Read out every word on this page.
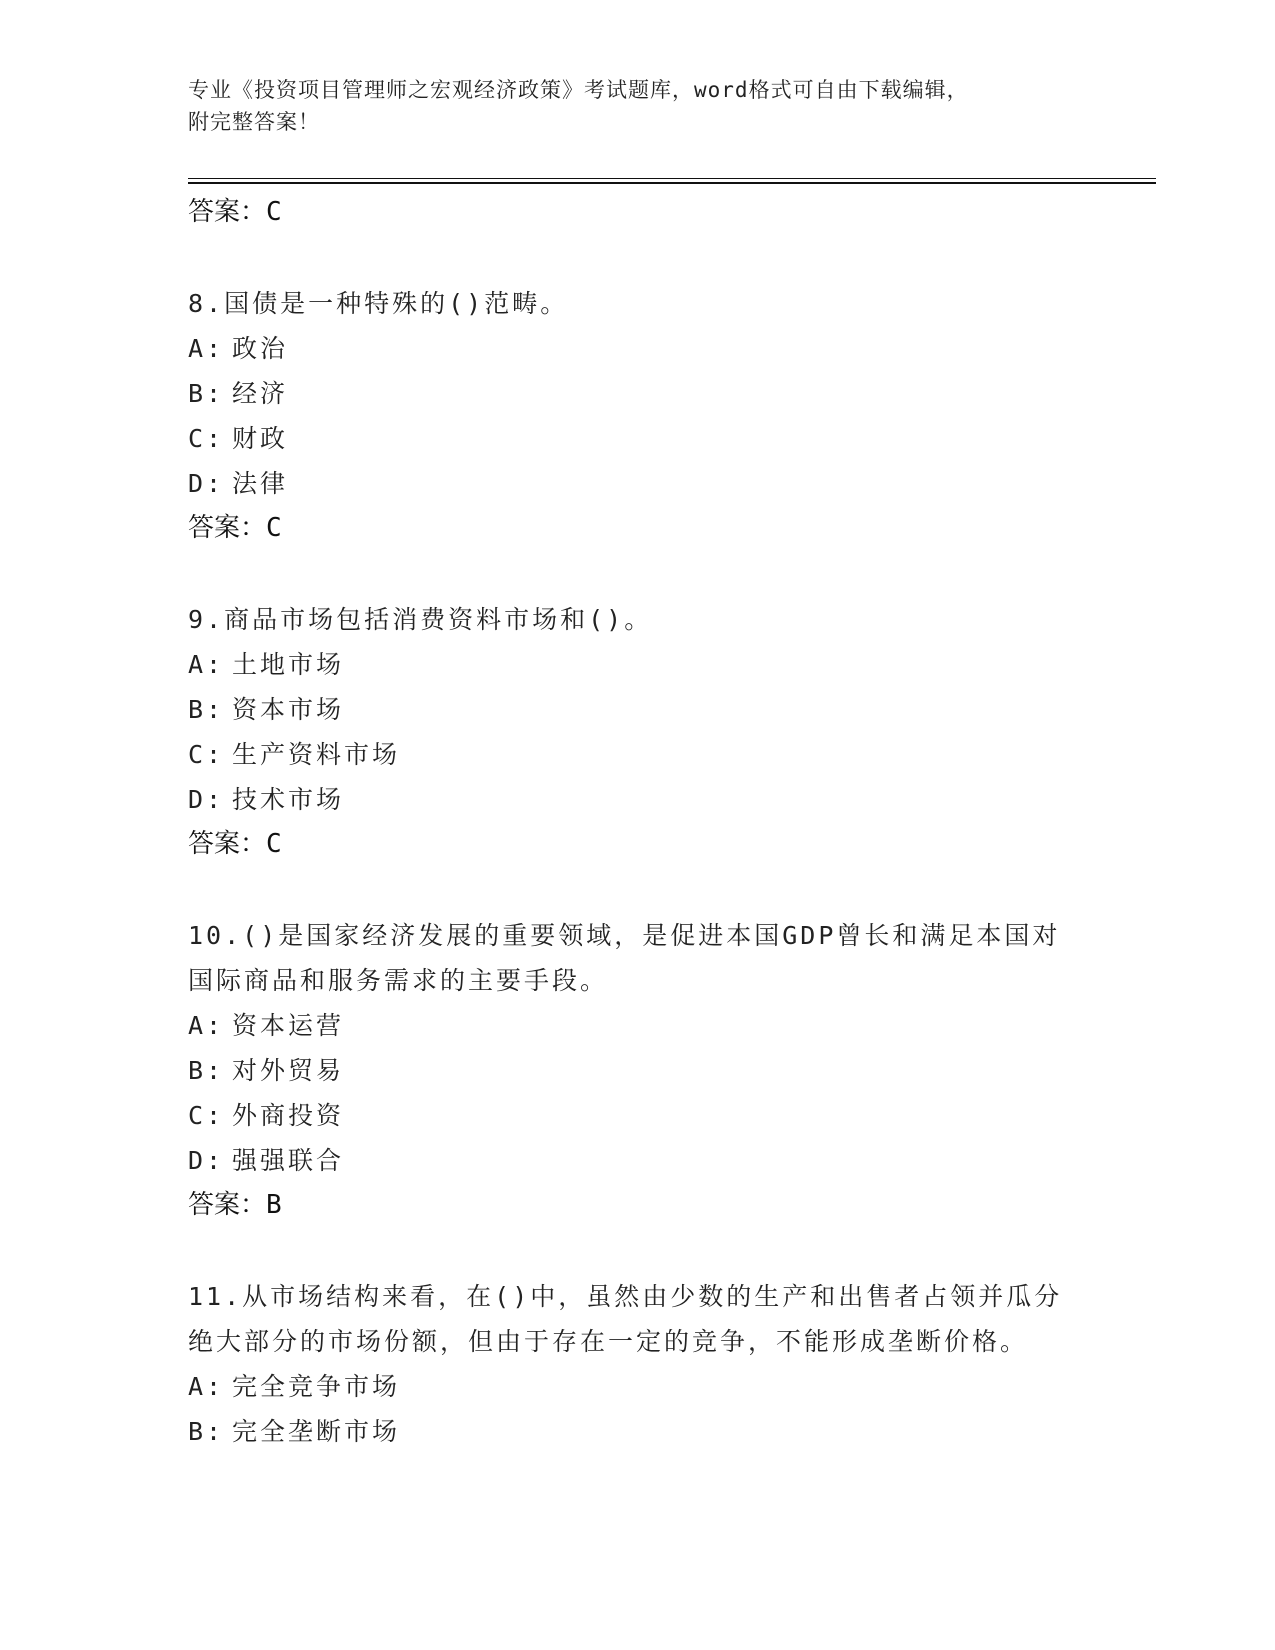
专业《投资项目管理师之宏观经济政策》考试题库，word格式可自由下载编辑，
附完整答案！
答案：C
8.国债是一种特殊的()范畴。
A: 政治
B: 经济
C: 财政
D: 法律
答案：C
9.商品市场包括消费资料市场和()。
A: 土地市场
B: 资本市场
C: 生产资料市场
D: 技术市场
答案：C
10.()是国家经济发展的重要领域，是促进本国GDP曾长和满足本国对国际商品和服务需求的主要手段。
A: 资本运营
B: 对外贸易
C: 外商投资
D: 强强联合
答案：B
11.从市场结构来看，在()中，虽然由少数的生产和出售者占领并瓜分绝大部分的市场份额，但由于存在一定的竞争，不能形成垄断价格。
A: 完全竞争市场
B: 完全垄断市场
